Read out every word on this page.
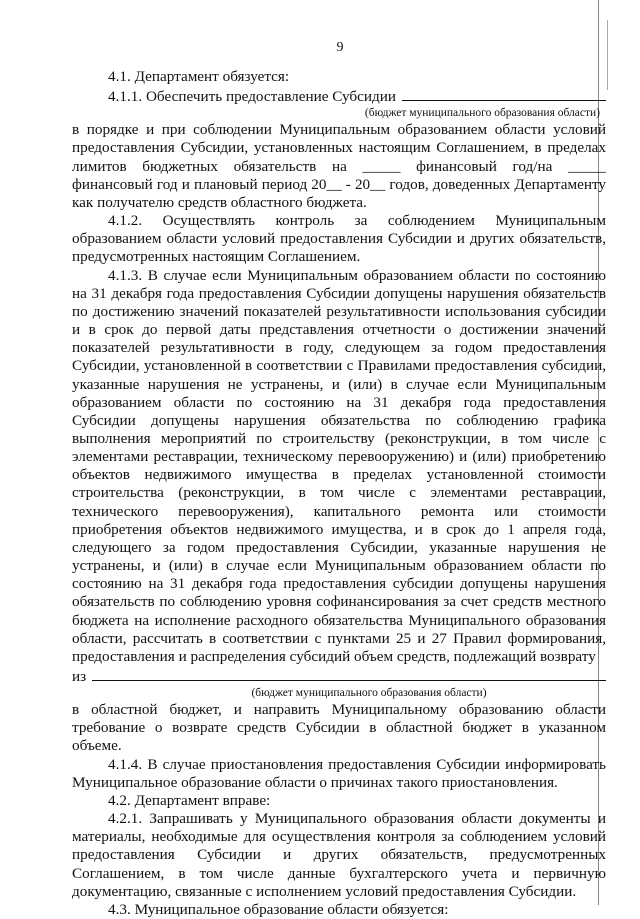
9

4.1. Департамент обязуется:

4.1.1. Обеспечить предоставление Субсидии
(бюджет муниципального образования области)

в порядке и при соблюдении Муниципальным образованием области условий предоставления Субсидии, установленных настоящим Соглашением, в пределах лимитов бюджетных обязательств на _____ финансовый год/на _____ финансовый год и плановый период 20__ - 20__ годов, доведенных Департаменту как получателю средств областного бюджета.

4.1.2. Осуществлять контроль за соблюдением Муниципальным образованием области условий предоставления Субсидии и других обязательств, предусмотренных настоящим Соглашением.

4.1.3. В случае если Муниципальным образованием области по состоянию на 31 декабря года предоставления Субсидии допущены нарушения обязательств по достижению значений показателей результативности использования субсидии и в срок до первой даты представления отчетности о достижении значений показателей результативности в году, следующем за годом предоставления Субсидии, установленной в соответствии с Правилами предоставления субсидии, указанные нарушения не устранены, и (или) в случае если Муниципальным образованием области по состоянию на 31 декабря года предоставления Субсидии допущены нарушения обязательства по соблюдению графика выполнения мероприятий по строительству (реконструкции, в том числе с элементами реставрации, техническому перевооружению) и (или) приобретению объектов недвижимого имущества в пределах установленной стоимости строительства (реконструкции, в том числе с элементами реставрации, технического перевооружения), капитального ремонта или стоимости приобретения объектов недвижимого имущества, и в срок до 1 апреля года, следующего за годом предоставления Субсидии, указанные нарушения не устранены, и (или) в случае если Муниципальным образованием области по состоянию на 31 декабря года предоставления субсидии допущены нарушения обязательств по соблюдению уровня софинансирования за счет средств местного бюджета на исполнение расходного обязательства Муниципального образования области, рассчитать в соответствии с пунктами 25 и 27 Правил формирования, предоставления и распределения субсидий объем средств, подлежащий возврату

из
(бюджет муниципального образования области)

в областной бюджет, и направить Муниципальному образованию области требование о возврате средств Субсидии в областной бюджет в указанном объеме.

4.1.4. В случае приостановления предоставления Субсидии информировать Муниципальное образование области о причинах такого приостановления.

4.2. Департамент вправе:

4.2.1. Запрашивать у Муниципального образования области документы и материалы, необходимые для осуществления контроля за соблюдением условий предоставления Субсидии и других обязательств, предусмотренных Соглашением, в том числе данные бухгалтерского учета и первичную документацию, связанные с исполнением условий предоставления Субсидии.

4.3. Муниципальное образование области обязуется:
